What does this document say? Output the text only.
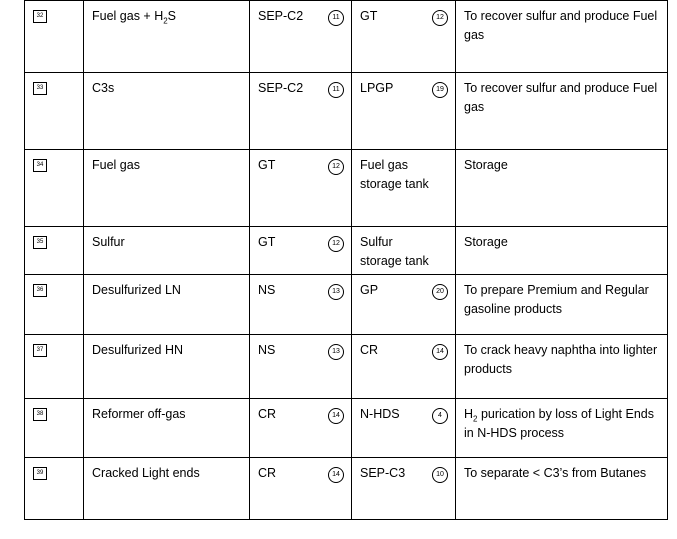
32	Fuel gas + $H_2S$	SEP-C2 11	GT 12	To recover sulfur and produce Fuel gas

33	C3s	SEP-C2 11	LPGP 19	To recover sulfur and produce Fuel gas

34	Fuel gas	GT 12	Fuel gas storage tank	Storage

35	Sulfur	GT 12	Sulfur storage tank	Storage

36	Desulfurized LN	NS 13	GP 20	To prepare Premium and Regular gasoline products

37	Desulfurized HN	NS 13	CR 14	To crack heavy naphtha into lighter products

38	Reformer off-gas	CR 14	N-HDS 4	$H_2$ purication by loss of Light Ends in N-HDS process

39	Cracked Light ends	CR 14	SEP-C3 10	To separate < C3’s from Butanes
